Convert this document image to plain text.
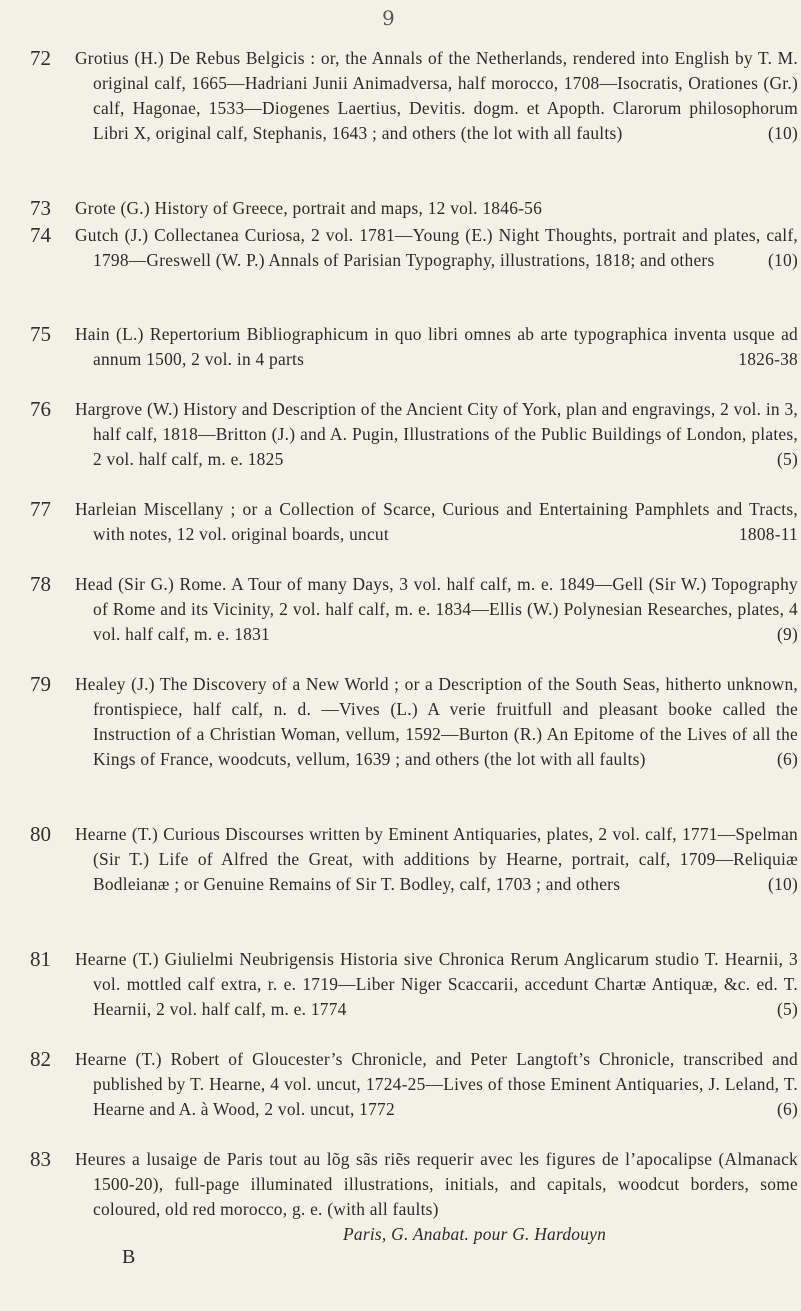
9
72	Grotius (H.) De Rebus Belgicis : or, the Annals of the Netherlands, rendered into English by T. M. original calf, 1665—Hadriani Junii Animadversa, half morocco, 1708—Isocratis, Orationes (Gr.) calf, Hagonae, 1533—Diogenes Laertius, Devitis. dogm. et Apopth. Clarorum philosophorum Libri X, original calf, Stephanis, 1643 ; and others (the lot with all faults)	(10)
73	Grote (G.) History of Greece, portrait and maps, 12 vol. 1846-56
74	Gutch (J.) Collectanea Curiosa, 2 vol. 1781—Young (E.) Night Thoughts, portrait and plates, calf, 1798—Greswell (W. P.) Annals of Parisian Typography, illustrations, 1818; and others	(10)
75	Hain (L.) Repertorium Bibliographicum in quo libri omnes ab arte typographica inventa usque ad annum 1500, 2 vol. in 4 parts	1826-38
76	Hargrove (W.) History and Description of the Ancient City of York, plan and engravings, 2 vol. in 3, half calf, 1818—Britton (J.) and A. Pugin, Illustrations of the Public Buildings of London, plates, 2 vol. half calf, m. e. 1825	(5)
77	Harleian Miscellany ; or a Collection of Scarce, Curious and Entertaining Pamphlets and Tracts, with notes, 12 vol. original boards, uncut	1808-11
78	Head (Sir G.) Rome. A Tour of many Days, 3 vol. half calf, m. e. 1849—Gell (Sir W.) Topography of Rome and its Vicinity, 2 vol. half calf, m. e. 1834—Ellis (W.) Polynesian Researches, plates, 4 vol. half calf, m. e. 1831	(9)
79	Healey (J.) The Discovery of a New World ; or a Description of the South Seas, hitherto unknown, frontispiece, half calf, n. d. —Vives (L.) A verie fruitfull and pleasant booke called the Instruction of a Christian Woman, vellum, 1592—Burton (R.) An Epitome of the Lives of all the Kings of France, woodcuts, vellum, 1639 ; and others (the lot with all faults)	(6)
80	Hearne (T.) Curious Discourses written by Eminent Antiquaries, plates, 2 vol. calf, 1771—Spelman (Sir T.) Life of Alfred the Great, with additions by Hearne, portrait, calf, 1709—Reliquiæ Bodleianæ ; or Genuine Remains of Sir T. Bodley, calf, 1703 ; and others	(10)
81	Hearne (T.) Giulielmi Neubrigensis Historia sive Chronica Rerum Anglicarum studio T. Hearnii, 3 vol. mottled calf extra, r. e. 1719—Liber Niger Scaccarii, accedunt Chartæ Antiquæ, &c. ed. T. Hearnii, 2 vol. half calf, m. e. 1774	(5)
82	Hearne (T.) Robert of Gloucester’s Chronicle, and Peter Langtoft’s Chronicle, transcribed and published by T. Hearne, 4 vol. uncut, 1724-25—Lives of those Eminent Antiquaries, J. Leland, T. Hearne and A. à Wood, 2 vol. uncut, 1772	(6)
83	Heures a lusaige de Paris tout au lõg sãs riẽs requerir avec les figures de l’apocalipse (Almanack 1500-20), full-page illuminated illustrations, initials, and capitals, woodcut borders, some coloured, old red morocco, g. e. (with all faults)
Paris, G. Anabat. pour G. Hardouyn
B
